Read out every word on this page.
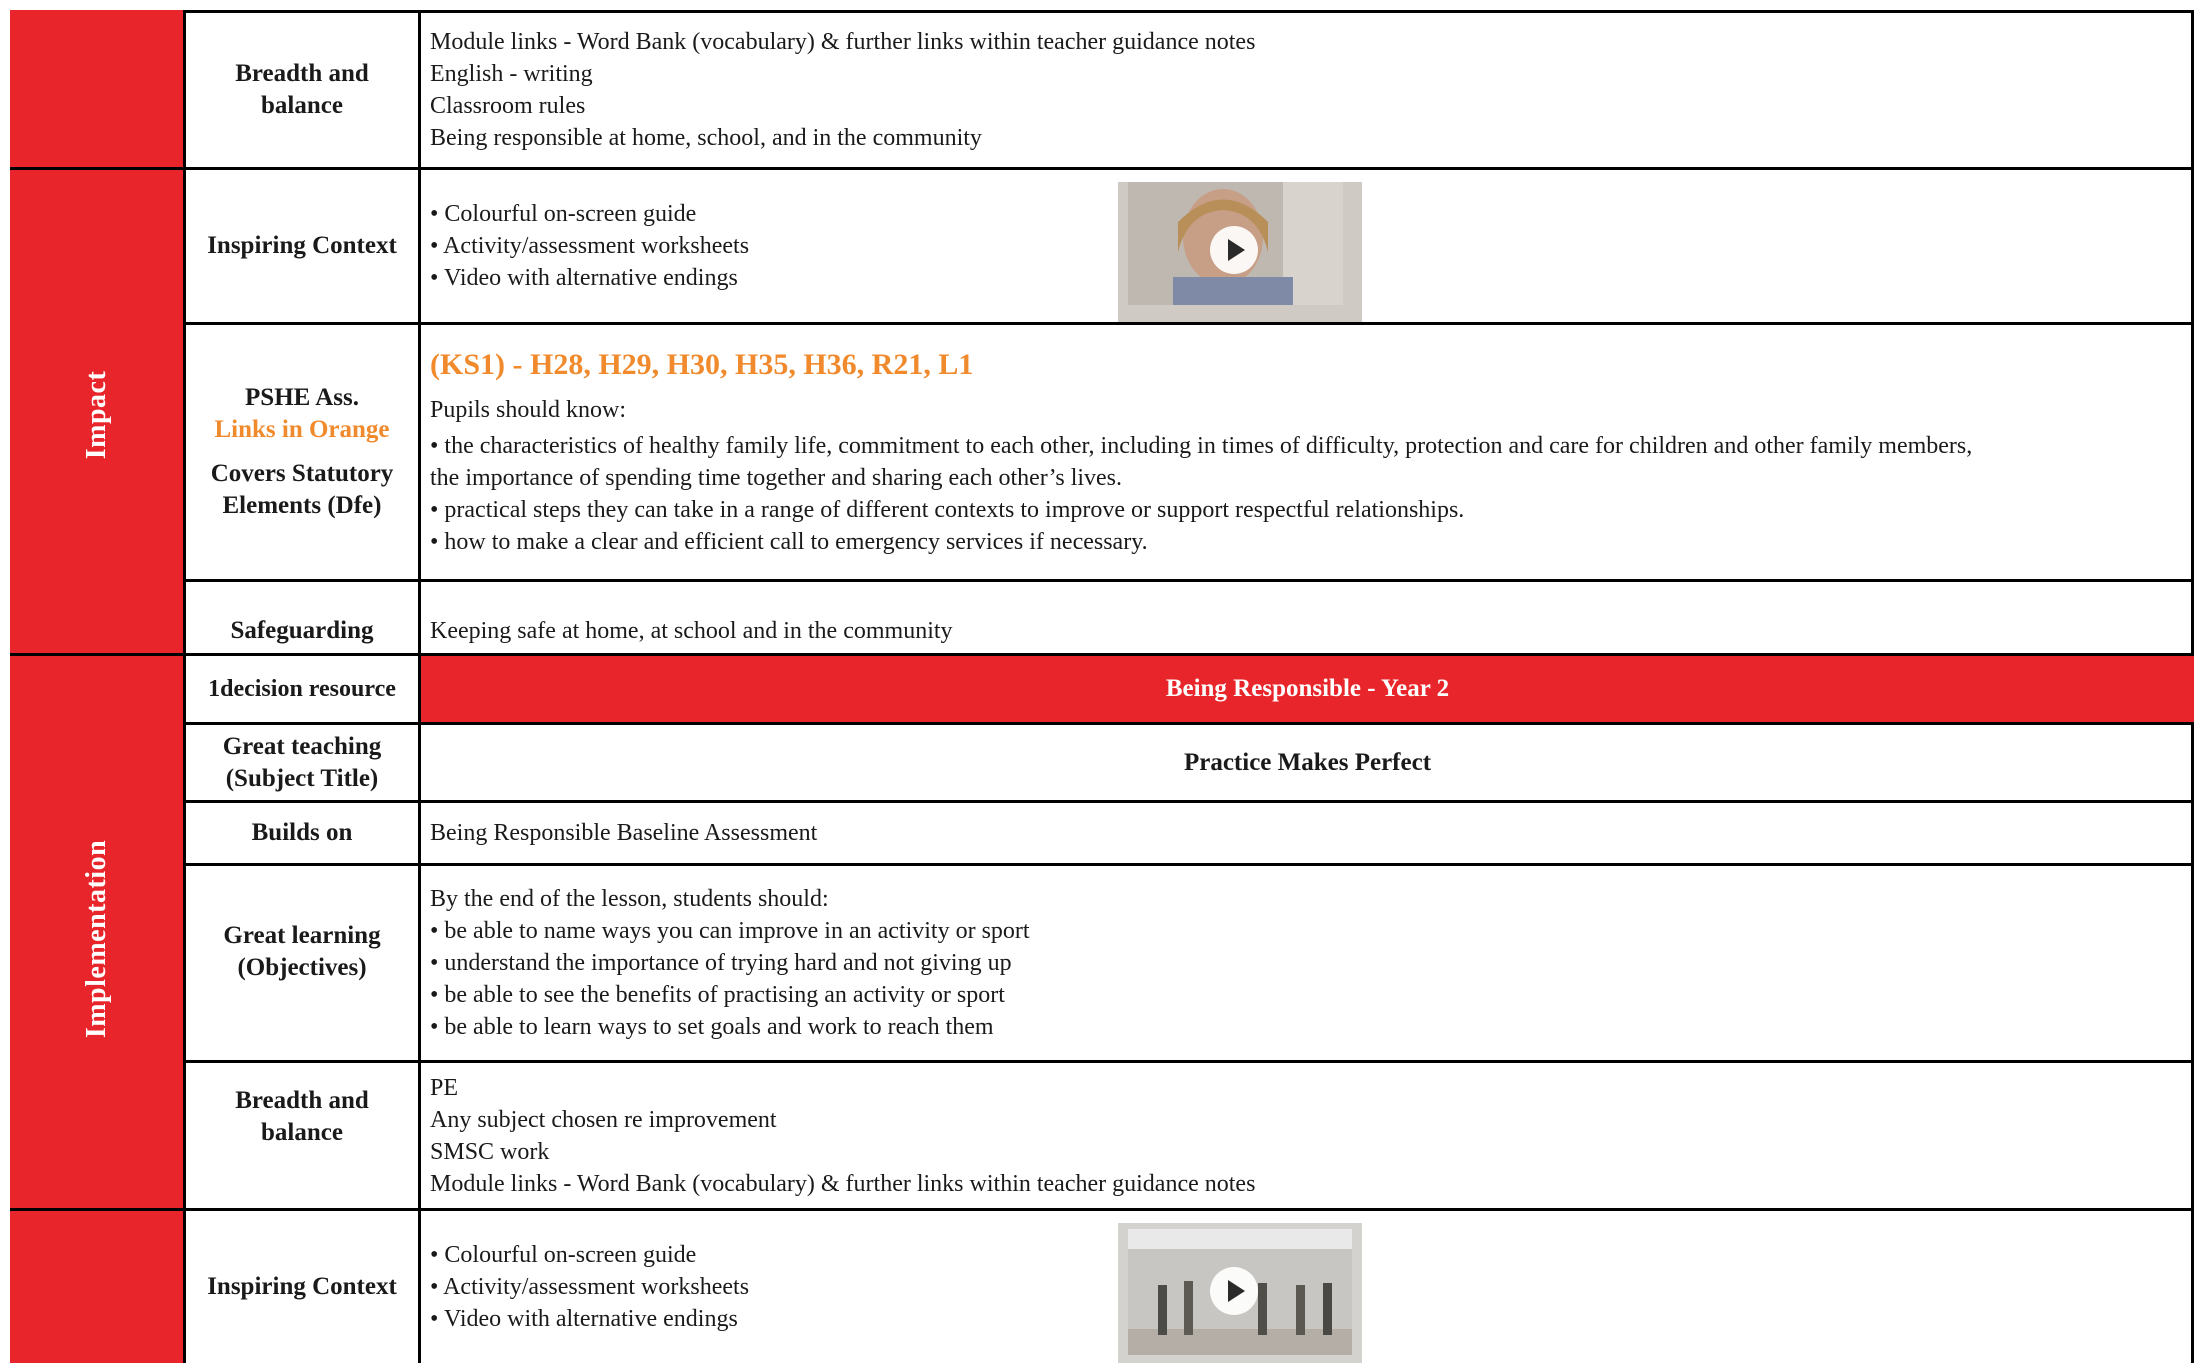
Impact
Implementation
Breadth and
balance
Module links - Word Bank (vocabulary) & further links within teacher guidance notes
English - writing
Classroom rules
Being responsible at home, school, and in the community
Inspiring Context
• Colourful on-screen guide
• Activity/assessment worksheets
• Video with alternative endings
PSHE Ass.
Links in Orange
Covers Statutory
Elements (Dfe)
(KS1) - H28, H29, H30, H35, H36, R21, L1
Pupils should know:
• the characteristics of healthy family life, commitment to each other, including in times of difficulty, protection and care for children and other family members,
the importance of spending time together and sharing each other’s lives.
• practical steps they can take in a range of different contexts to improve or support respectful relationships.
• how to make a clear and efficient call to emergency services if necessary.
Safeguarding Keeping safe at home, at school and in the community
1decision resource	Being Responsible - Year 2
Great teaching
(Subject Title)
Practice Makes Perfect
Builds on	Being Responsible Baseline Assessment
Great learning
(Objectives)
By the end of the lesson, students should:
• be able to name ways you can improve in an activity or sport
• understand the importance of trying hard and not giving up
• be able to see the benefits of practising an activity or sport
• be able to learn ways to set goals and work to reach them
Breadth and
balance
PE
Any subject chosen re improvement
SMSC work
Module links - Word Bank (vocabulary) & further links within teacher guidance notes
Inspiring Context
• Colourful on-screen guide
• Activity/assessment worksheets
• Video with alternative endings
